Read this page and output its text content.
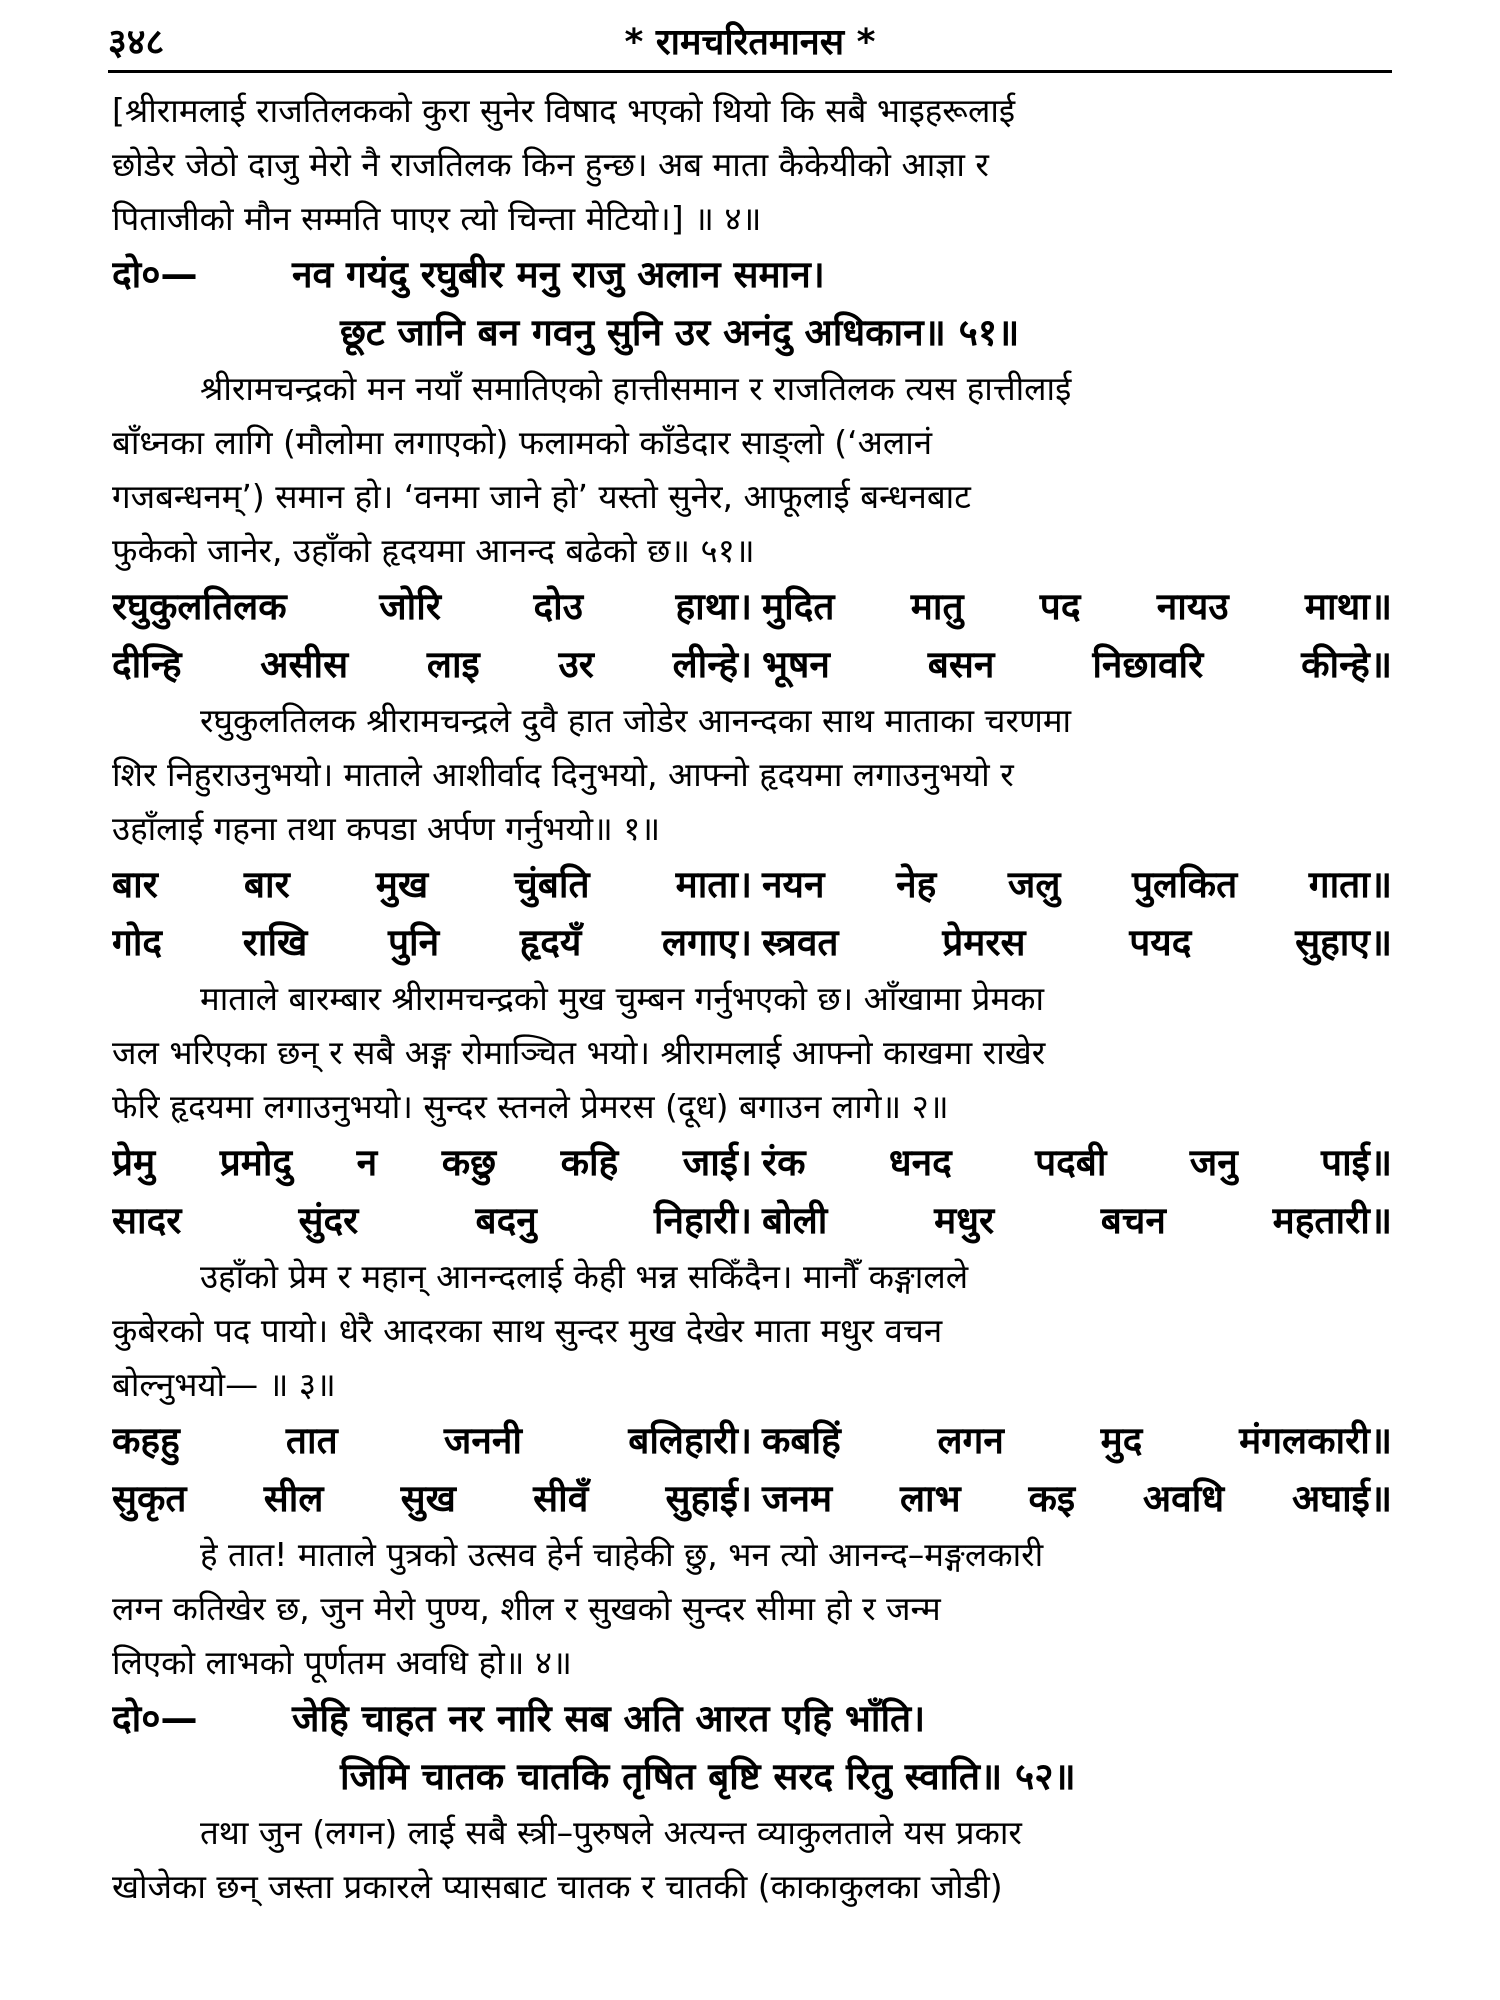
३४८	* रामचरितमानस *
[श्रीरामलाई राजतिलकको कुरा सुनेर विषाद भएको थियो कि सबै भाइहरूलाई
छोडेर जेठो दाजु मेरो नै राजतिलक किन हुन्छ। अब माता कैकेयीको आज्ञा र
पिताजीको मौन सम्मति पाएर त्यो चिन्ता मेटियो।] ॥ ४॥
दो०—	नव गयंदु रघुबीर मनु राजु अलान समान।
छूट जानि बन गवनु सुनि उर अनंदु अधिकान॥ ५१॥
श्रीरामचन्द्रको मन नयाँ समातिएको हात्तीसमान र राजतिलक त्यस हात्तीलाई
बाँध्नका लागि (मौलोमा लगाएको) फलामको काँडेदार साङ्लो (‘अलानं
गजबन्धनम्’) समान हो। ‘वनमा जाने हो’ यस्तो सुनेर, आफूलाई बन्धनबाट
फुकेको जानेर, उहाँको हृदयमा आनन्द बढेको छ॥ ५१॥
रघुकुलतिलक जोरि दोउ हाथा। मुदित मातु पद नायउ माथा॥
दीन्हि असीस लाइ उर लीन्हे। भूषन बसन निछावरि कीन्हे॥
रघुकुलतिलक श्रीरामचन्द्रले दुवै हात जोडेर आनन्दका साथ माताका चरणमा
शिर निहुराउनुभयो। माताले आशीर्वाद दिनुभयो, आफ्नो हृदयमा लगाउनुभयो र
उहाँलाई गहना तथा कपडा अर्पण गर्नुभयो॥ १॥
बार बार मुख चुंबति माता। नयन नेह जलु पुलकित गाता॥
गोद राखि पुनि हृदयँ लगाए। स्त्रवत प्रेमरस पयद सुहाए॥
माताले बारम्बार श्रीरामचन्द्रको मुख चुम्बन गर्नुभएको छ। आँखामा प्रेमका
जल भरिएका छन् र सबै अङ्ग रोमाञ्चित भयो। श्रीरामलाई आफ्नो काखमा राखेर
फेरि हृदयमा लगाउनुभयो। सुन्दर स्तनले प्रेमरस (दूध) बगाउन लागे॥ २॥
प्रेमु प्रमोदु न कछु कहि जाई। रंक धनद पदबी जनु पाई॥
सादर सुंदर बदनु निहारी। बोली मधुर बचन महतारी॥
उहाँको प्रेम र महान् आनन्दलाई केही भन्न सकिँदैन। मानौँ कङ्गालले
कुबेरको पद पायो। धेरै आदरका साथ सुन्दर मुख देखेर माता मधुर वचन
बोल्नुभयो— ॥ ३॥
कहहु तात जननी बलिहारी। कबहिं लगन मुद मंगलकारी॥
सुकृत सील सुख सीवँ सुहाई। जनम लाभ कइ अवधि अघाई॥
हे तात! माताले पुत्रको उत्सव हेर्न चाहेकी छु, भन त्यो आनन्द–मङ्गलकारी
लग्न कतिखेर छ, जुन मेरो पुण्य, शील र सुखको सुन्दर सीमा हो र जन्म
लिएको लाभको पूर्णतम अवधि हो॥ ४॥
दो०—	जेहि चाहत नर नारि सब अति आरत एहि भाँति।
जिमि चातक चातकि तृषित बृष्टि सरद रितु स्वाति॥ ५२॥
तथा जुन (लगन) लाई सबै स्त्री–पुरुषले अत्यन्त व्याकुलताले यस प्रकार
खोजेका छन् जस्ता प्रकारले प्यासबाट चातक र चातकी (काकाकुलका जोडी)
